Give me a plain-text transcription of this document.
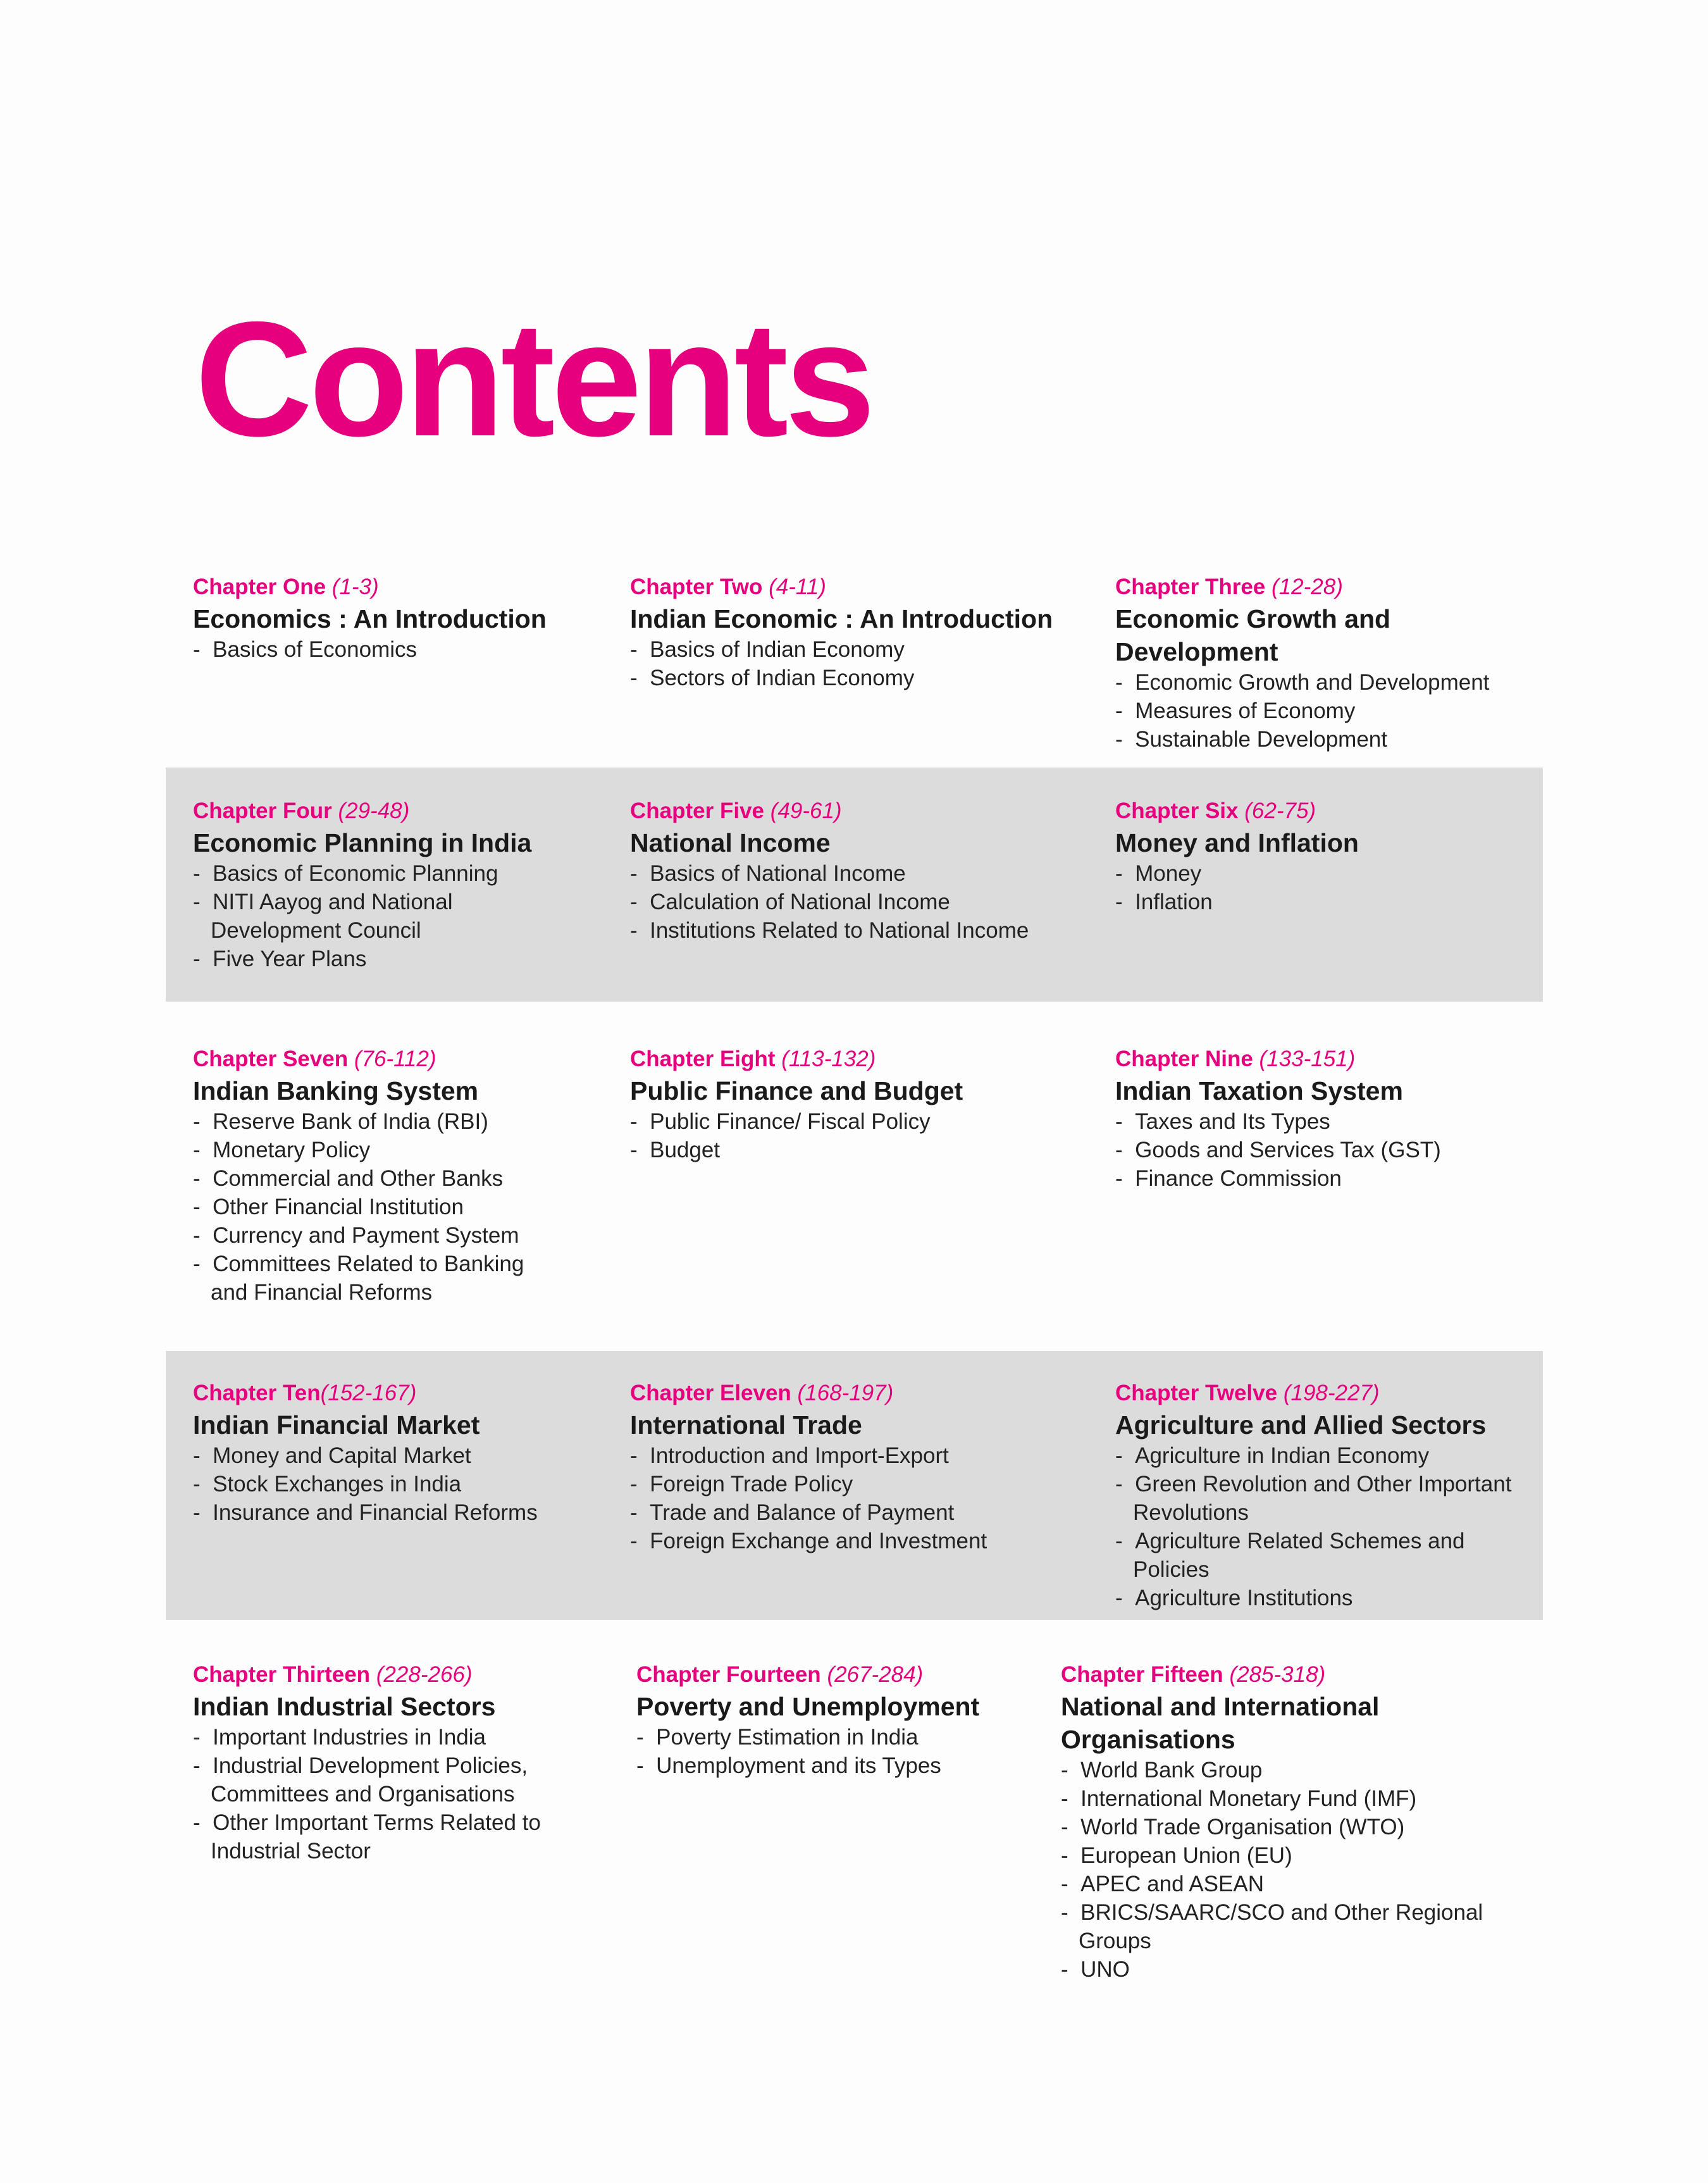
Contents
Chapter One (1-3)
Economics : An Introduction
-  Basics of Economics
Chapter Two (4-11)
Indian Economic : An Introduction
-  Basics of Indian Economy
-  Sectors of Indian Economy
Chapter Three (12-28)
Economic Growth and Development
-  Economic Growth and Development
-  Measures of Economy
-  Sustainable Development
Chapter Four (29-48)
Economic Planning in India
-  Basics of Economic Planning
-  NITI Aayog and National Development Council
-  Five Year Plans
Chapter Five (49-61)
National Income
-  Basics of National Income
-  Calculation of National Income
-  Institutions Related to National Income
Chapter Six (62-75)
Money and Inflation
-  Money
-  Inflation
Chapter Seven (76-112)
Indian Banking System
-  Reserve Bank of India (RBI)
-  Monetary Policy
-  Commercial and Other Banks
-  Other Financial Institution
-  Currency and Payment System
-  Committees Related to Banking and Financial Reforms
Chapter Eight (113-132)
Public Finance and Budget
-  Public Finance/ Fiscal Policy
-  Budget
Chapter Nine (133-151)
Indian Taxation System
-  Taxes and Its Types
-  Goods and Services Tax (GST)
-  Finance Commission
Chapter Ten(152-167)
Indian Financial Market
-  Money and Capital Market
-  Stock Exchanges in India
-  Insurance and Financial Reforms
Chapter Eleven (168-197)
International Trade
-  Introduction and Import-Export
-  Foreign Trade Policy
-  Trade and Balance of Payment
-  Foreign Exchange and Investment
Chapter Twelve (198-227)
Agriculture and Allied Sectors
-  Agriculture in Indian Economy
-  Green Revolution and Other Important Revolutions
-  Agriculture Related Schemes and Policies
-  Agriculture Institutions
Chapter Thirteen (228-266)
Indian Industrial Sectors
-  Important Industries in India
-  Industrial Development Policies, Committees and Organisations
-  Other Important Terms Related to Industrial Sector
Chapter Fourteen (267-284)
Poverty and Unemployment
-  Poverty Estimation in India
-  Unemployment and its Types
Chapter Fifteen (285-318)
National and International Organisations
-  World Bank Group
-  International Monetary Fund (IMF)
-  World Trade Organisation (WTO)
-  European Union (EU)
-  APEC and ASEAN
-  BRICS/SAARC/SCO and Other Regional Groups
-  UNO
